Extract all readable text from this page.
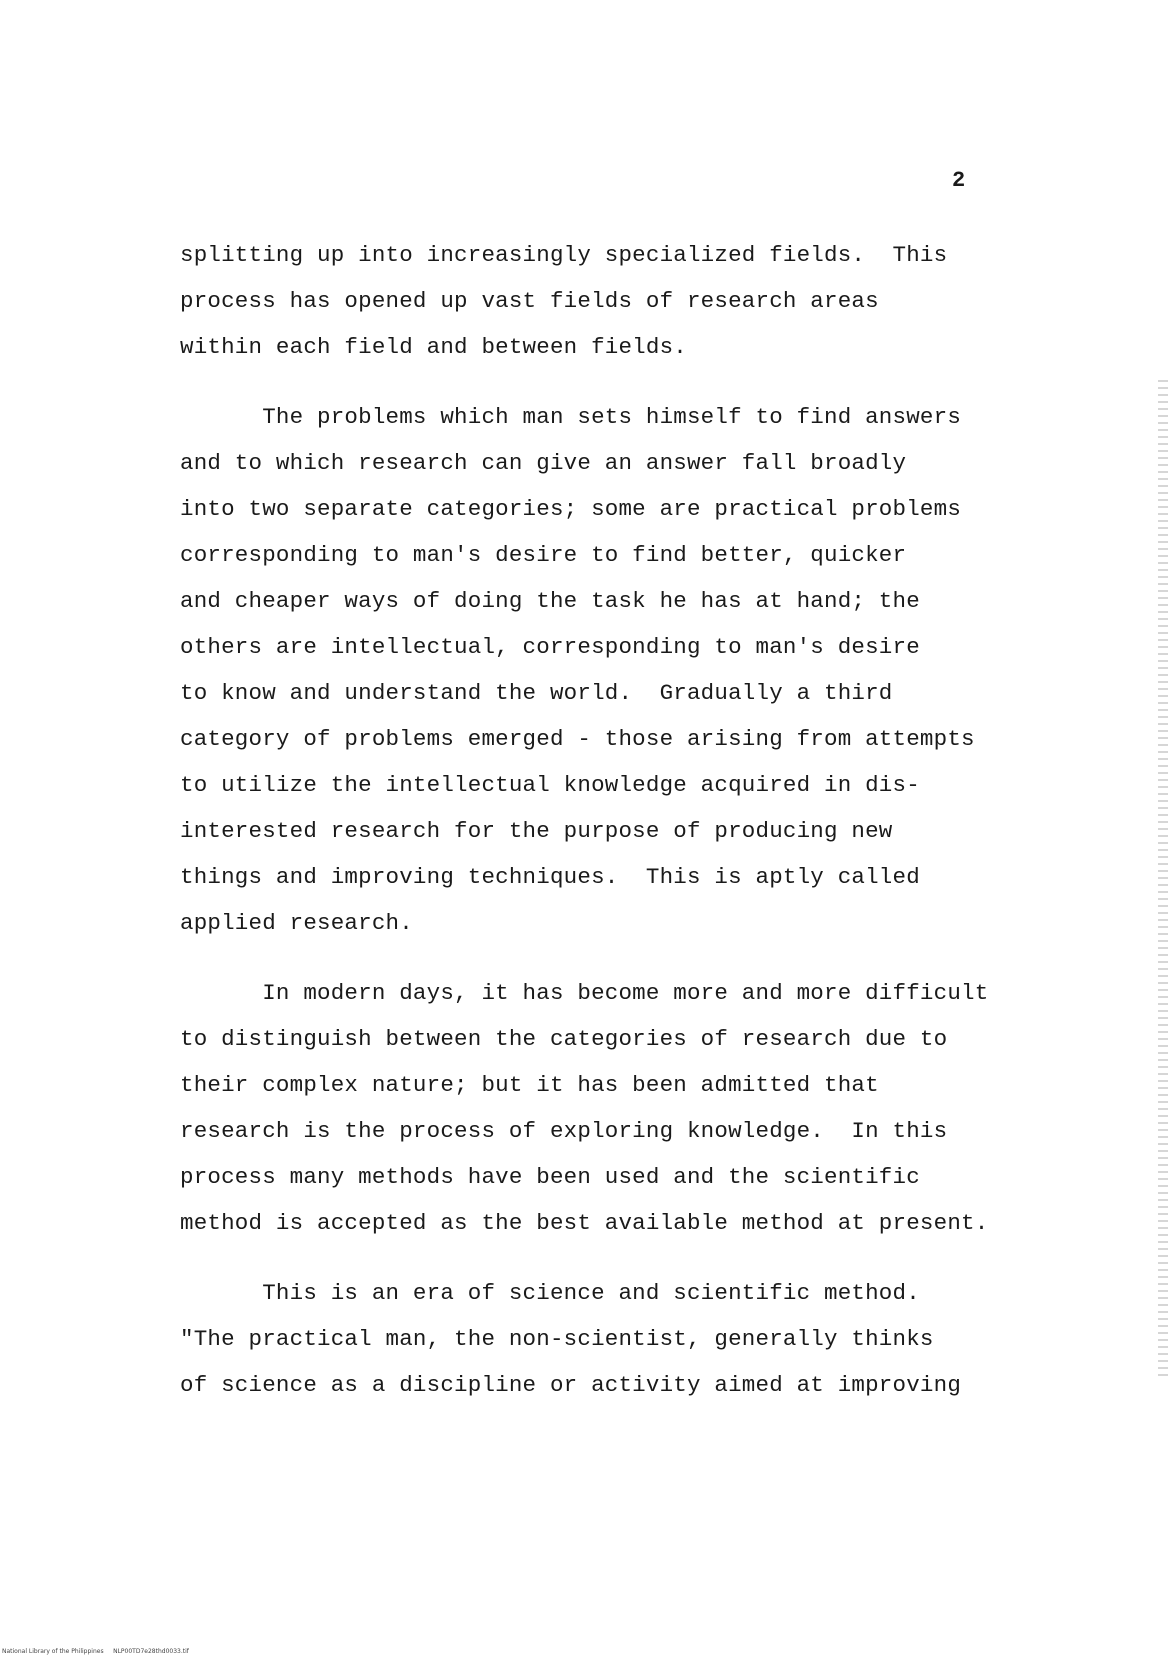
2
splitting up into increasingly specialized fields.  This
process has opened up vast fields of research areas
within each field and between fields.
The problems which man sets himself to find answers
and to which research can give an answer fall broadly
into two separate categories; some are practical problems
corresponding to man's desire to find better, quicker
and cheaper ways of doing the task he has at hand; the
others are intellectual, corresponding to man's desire
to know and understand the world.  Gradually a third
category of problems emerged - those arising from attempts
to utilize the intellectual knowledge acquired in dis-
interested research for the purpose of producing new
things and improving techniques.  This is aptly called
applied research.
In modern days, it has become more and more difficult
to distinguish between the categories of research due to
their complex nature; but it has been admitted that
research is the process of exploring knowledge.  In this
process many methods have been used and the scientific
method is accepted as the best available method at present.
This is an era of science and scientific method.
"The practical man, the non-scientist, generally thinks
of science as a discipline or activity aimed at improving
National Library of the Philippines     NLP00TD7e28thd0033.tif
